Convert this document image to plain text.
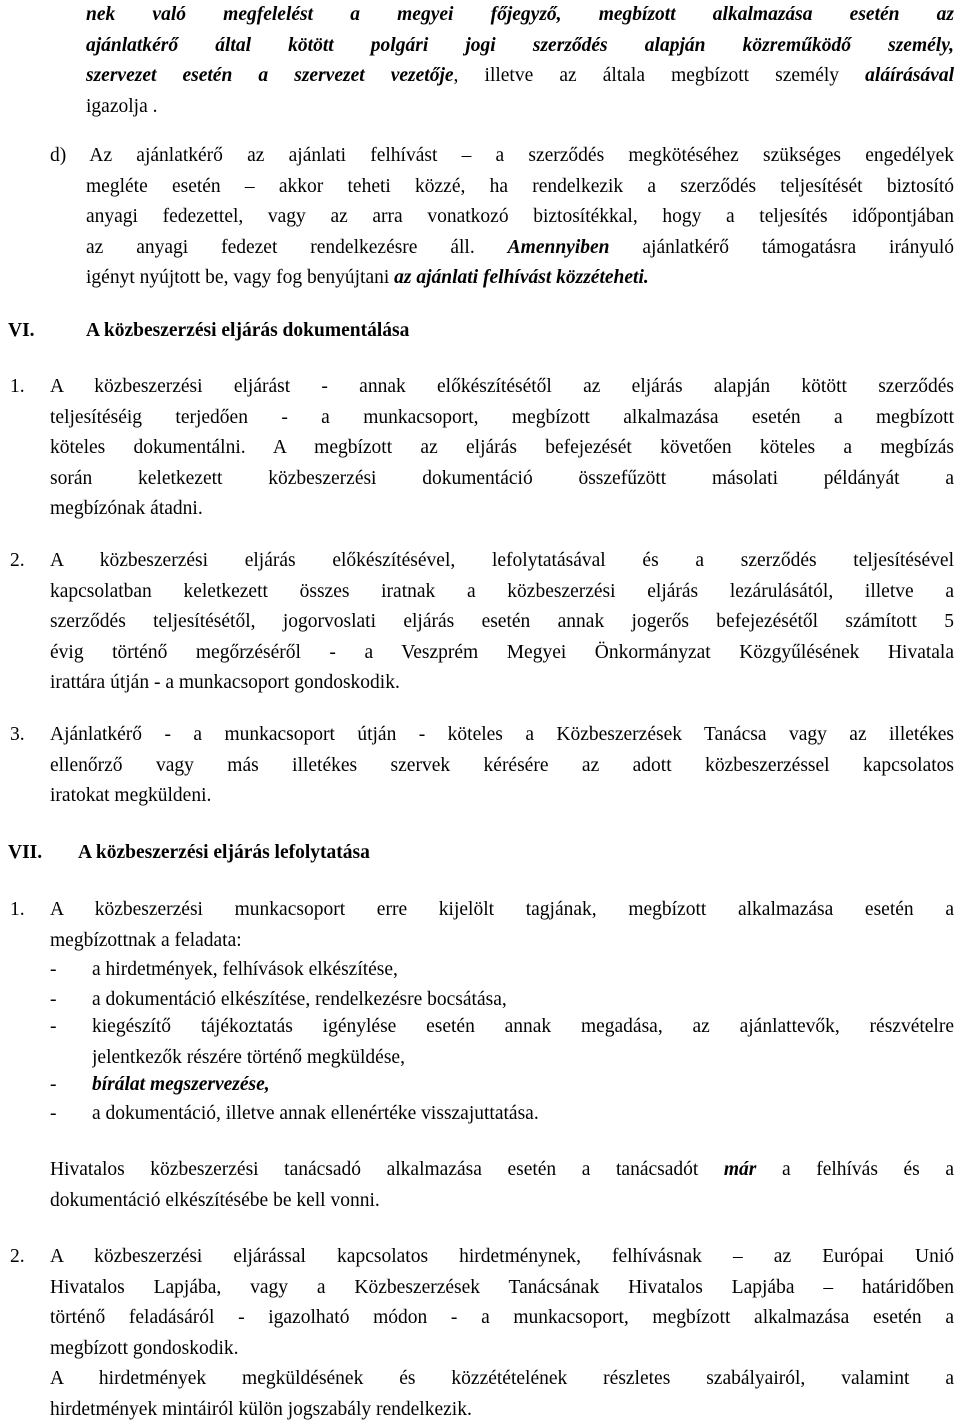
nek való megfelelést a megyei főjegyző, megbízott alkalmazása esetén az
ajánlatkérő által kötött polgári jogi szerződés alapján közreműködő személy,
szervezet esetén a szervezet vezetője, illetve az általa megbízott személy aláírásával
igazolja .
d) Az ajánlatkérő az ajánlati felhívást – a szerződés megkötéséhez szükséges engedélyek
megléte esetén – akkor teheti közzé, ha rendelkezik a szerződés teljesítését biztosító
anyagi fedezettel, vagy az arra vonatkozó biztosítékkal, hogy a teljesítés időpontjában
az anyagi fedezet rendelkezésre áll. Amennyiben ajánlatkérő támogatásra irányuló
igényt nyújtott be, vagy fog benyújtani az ajánlati felhívást közzéteheti.
VI.	A közbeszerzési eljárás dokumentálása
1. A közbeszerzési eljárást - annak előkészítésétől az eljárás alapján kötött szerződés
teljesítéséig terjedően - a munkacsoport, megbízott alkalmazása esetén a megbízott
köteles dokumentálni. A megbízott az eljárás befejezését követően köteles a megbízás
során keletkezett közbeszerzési dokumentáció összefűzött másolati példányát a
megbízónak átadni.
2. A közbeszerzési eljárás előkészítésével, lefolytatásával és a szerződés teljesítésével
kapcsolatban keletkezett összes iratnak a közbeszerzési eljárás lezárulásától, illetve a
szerződés teljesítésétől, jogorvoslati eljárás esetén annak jogerős befejezésétől számított 5
évig történő megőrzéséről - a Veszprém Megyei Önkormányzat Közgyűlésének Hivatala
irattára útján - a munkacsoport gondoskodik.
3. Ajánlatkérő - a munkacsoport útján - köteles a Közbeszerzések Tanácsa vagy az illetékes
ellenőrző vagy más illetékes szervek kérésére az adott közbeszerzéssel kapcsolatos
iratokat megküldeni.
VII. A közbeszerzési eljárás lefolytatása
1. A közbeszerzési munkacsoport erre kijelölt tagjának, megbízott alkalmazása esetén a
megbízottnak a feladata:
- a hirdetmények, felhívások elkészítése,
- a dokumentáció elkészítése, rendelkezésre bocsátása,
- kiegészítő tájékoztatás igénylése esetén annak megadása, az ajánlattevők, részvételre
jelentkezők részére történő megküldése,
- bírálat megszervezése,
- a dokumentáció, illetve annak ellenértéke visszajuttatása.
Hivatalos közbeszerzési tanácsadó alkalmazása esetén a tanácsadót már a felhívás és a
dokumentáció elkészítésébe be kell vonni.
2. A közbeszerzési eljárással kapcsolatos hirdetménynek, felhívásnak – az Európai Unió
Hivatalos Lapjába, vagy a Közbeszerzések Tanácsának Hivatalos Lapjába – határidőben
történő feladásáról - igazolható módon - a munkacsoport, megbízott alkalmazása esetén a
megbízott gondoskodik.
A hirdetmények megküldésének és közzétételének részletes szabályairól, valamint a
hirdetmények mintáiról külön jogszabály rendelkezik.
